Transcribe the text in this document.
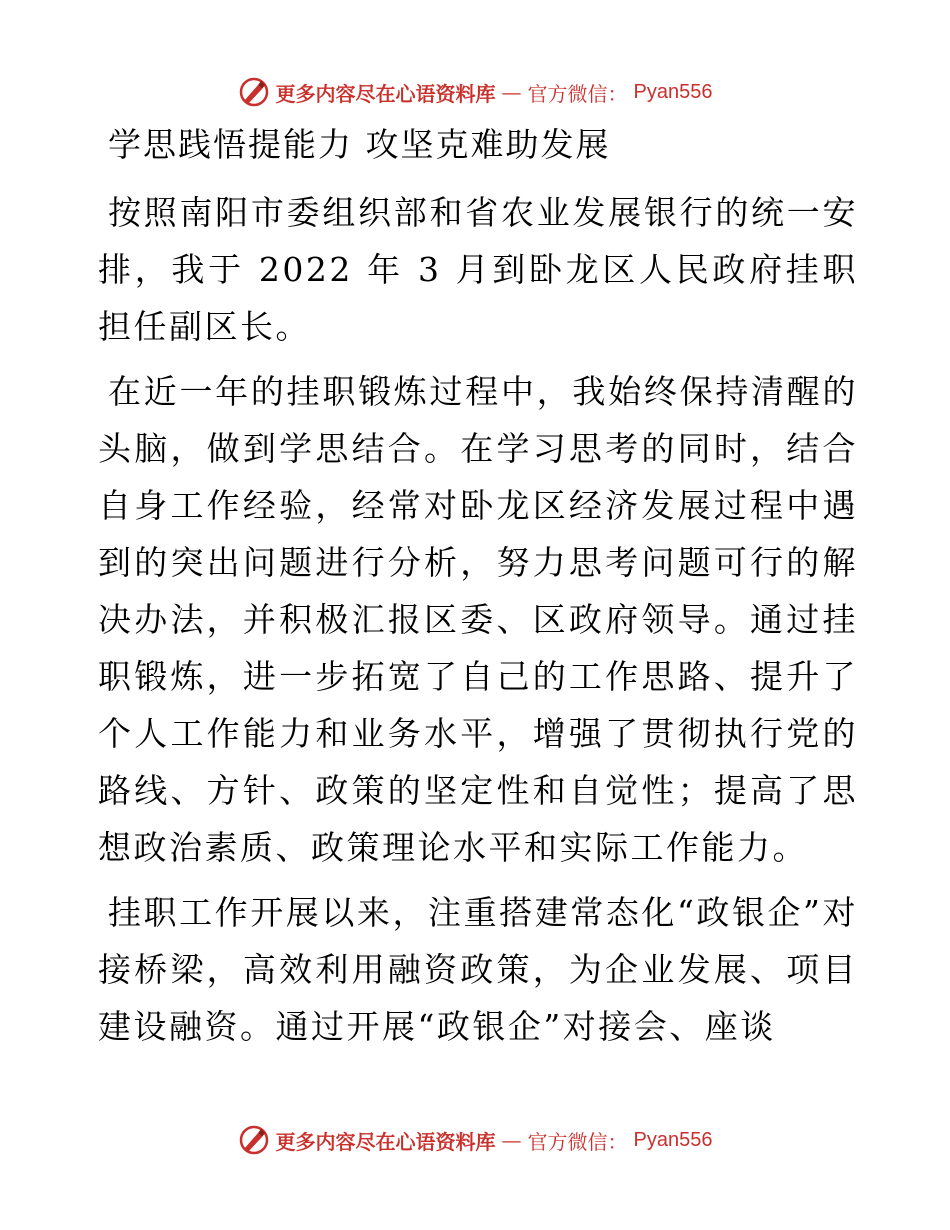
更多内容尽在心语资料库 — 官方微信： Pyan556
学思践悟提能力 攻坚克难助发展

按照南阳市委组织部和省农业发展银行的统一安排，我于 2022 年 3 月到卧龙区人民政府挂职担任副区长。

在近一年的挂职锻炼过程中，我始终保持清醒的头脑，做到学思结合。在学习思考的同时，结合自身工作经验，经常对卧龙区经济发展过程中遇到的突出问题进行分析，努力思考问题可行的解决办法，并积极汇报区委、区政府领导。通过挂职锻炼，进一步拓宽了自己的工作思路、提升了个人工作能力和业务水平，增强了贯彻执行党的路线、方针、政策的坚定性和自觉性；提高了思想政治素质、政策理论水平和实际工作能力。

挂职工作开展以来，注重搭建常态化“政银企”对接桥梁，高效利用融资政策，为企业发展、项目建设融资。通过开展“政银企”对接会、座谈

更多内容尽在心语资料库 — 官方微信： Pyan556
